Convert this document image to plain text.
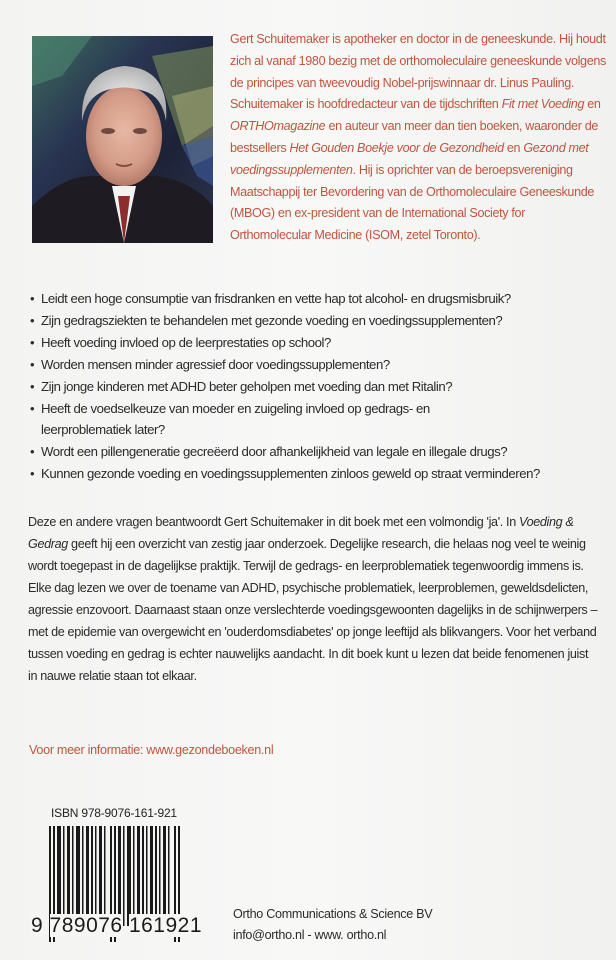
Gert Schuitemaker is apotheker en doctor in de geneeskunde. Hij houdt zich al vanaf 1980 bezig met de orthomoleculaire geneeskunde volgens de principes van tweevoudig Nobel-prijswinnaar dr. Linus Pauling. Schuitemaker is hoofdredacteur van de tijdschriften Fit met Voeding en ORTHOmagazine en auteur van meer dan tien boeken, waaronder de bestsellers Het Gouden Boekje voor de Gezondheid en Gezond met voedingssupplementen. Hij is oprichter van de beroepsvereniging Maatschappij ter Bevordering van de Orthomoleculaire Geneeskunde (MBOG) en ex-president van de International Society for Orthomolecular Medicine (ISOM, zetel Toronto).

• Leidt een hoge consumptie van frisdranken en vette hap tot alcohol- en drugsmisbruik?
• Zijn gedragsziekten te behandelen met gezonde voeding en voedingssupplementen?
• Heeft voeding invloed op de leerprestaties op school?
• Worden mensen minder agressief door voedingssupplementen?
• Zijn jonge kinderen met ADHD beter geholpen met voeding dan met Ritalin?
• Heeft de voedselkeuze van moeder en zuigeling invloed op gedrags- en leerproblematiek later?
• Wordt een pillengeneratie gecreëerd door afhankelijkheid van legale en illegale drugs?
• Kunnen gezonde voeding en voedingssupplementen zinloos geweld op straat verminderen?

Deze en andere vragen beantwoordt Gert Schuitemaker in dit boek met een volmondig 'ja'. In Voeding & Gedrag geeft hij een overzicht van zestig jaar onderzoek. Degelijke research, die helaas nog veel te weinig wordt toegepast in de dagelijkse praktijk. Terwijl de gedrags- en leerproblematiek tegenwoordig immens is. Elke dag lezen we over de toename van ADHD, psychische problematiek, leerproblemen, geweldsdelicten, agressie enzovoort. Daarnaast staan onze verslechterde voedingsgewoonten dagelijks in de schijnwerpers – met de epidemie van overgewicht en 'ouderdomsdiabetes' op jonge leeftijd als blikvangers. Voor het verband tussen voeding en gedrag is echter nauwelijks aandacht. In dit boek kunt u lezen dat beide fenomenen juist in nauwe relatie staan tot elkaar.

Voor meer informatie: www.gezondeboeken.nl
ISBN 978-9076-161-921
9 789076 161921 Ortho Communications & Science BV
info@ortho.nl - www. ortho.nl
